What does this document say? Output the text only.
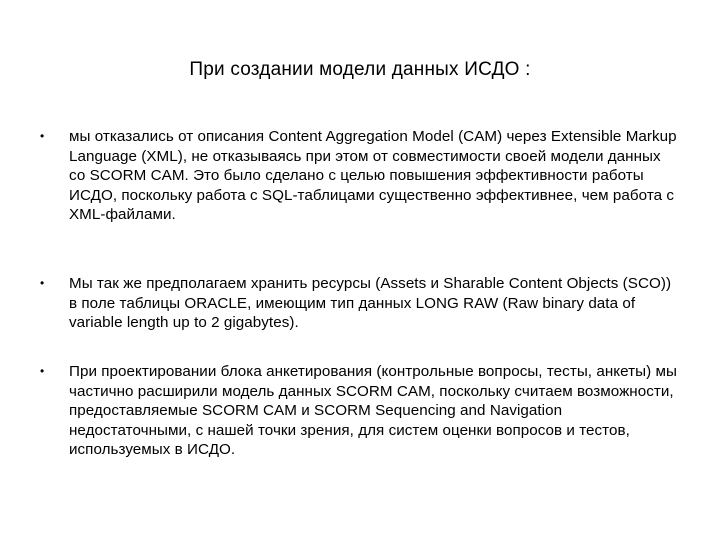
При создании модели данных ИСДО :
• мы отказались от описания Content Aggregation Model (CAM) через Extensible Markup Language (XML), не отказываясь при этом от совместимости своей модели данных со SCORM CAM. Это было сделано с целью повышения эффективности работы ИСДО, поскольку работа с SQL-таблицами существенно эффективнее, чем работа с XML-файлами.
• Мы так же предполагаем хранить ресурсы (Assets и Sharable Content Objects (SCO)) в поле таблицы ORACLE, имеющим тип данных LONG RAW (Raw binary data of variable length up to 2 gigabytes).
• При проектировании блока анкетирования (контрольные вопросы, тесты, анкеты) мы частично расширили модель данных SCORM CAM, поскольку считаем возможности, предоставляемые SCORM CAM и SCORM Sequencing and Navigation недостаточными, с нашей точки зрения, для систем оценки вопросов и тестов, используемых в ИСДО.
